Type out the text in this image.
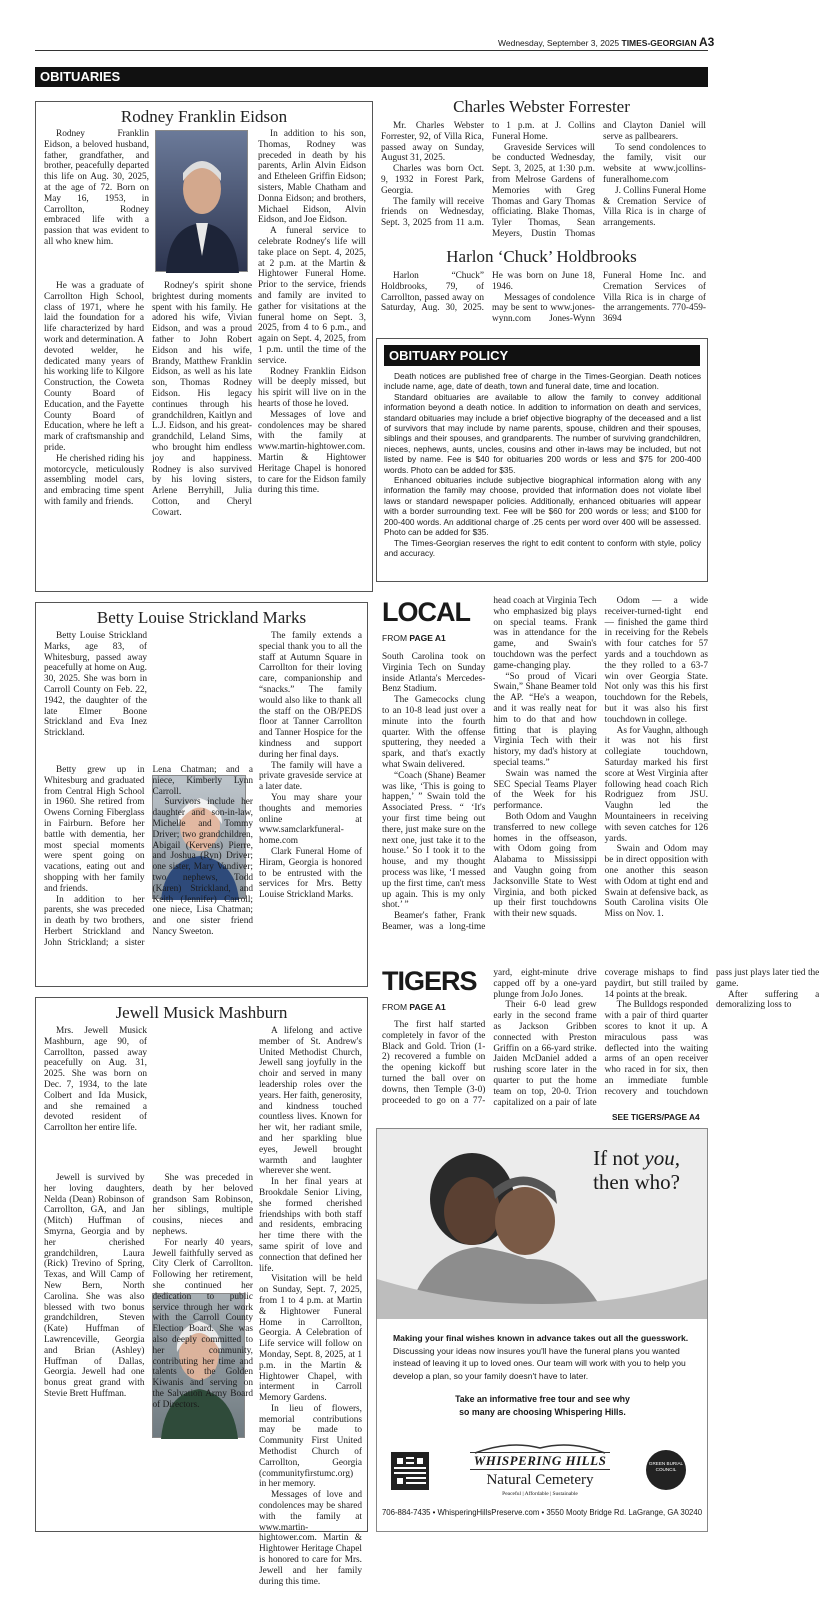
Wednesday, September 3, 2025 TIMES-GEORGIAN A3
OBITUARIES
Rodney Franklin Eidson

Rodney Franklin Eidson, a beloved husband, father, grandfather, and brother, peacefully departed this life on Aug. 30, 2025, at the age of 72. Born on May 16, 1953, in Carrollton, Rodney embraced life with a passion that was evident to all who knew him.

He was a graduate of Carrollton High School, class of 1971, where he laid the foundation for a life characterized by hard work and determination. A devoted welder, he dedicated many years of his working life to Kilgore Construction, the Coweta County Board of Education, and the Fayette County Board of Education, where he left a mark of craftsmanship and pride.

He cherished riding his motorcycle, meticulously assembling model cars, and embracing time spent with family and friends.

Rodney's spirit shone brightest during moments spent with his family. He adored his wife, Vivian Eidson, and was a proud father to John Robert Eidson and his wife, Brandy, Matthew Franklin Eidson, as well as his late son, Thomas Rodney Eidson. His legacy continues through his grandchildren, Kaitlyn and L.J. Eidson, and his great-grandchild, Leland Sims, who brought him endless joy and happiness. Rodney is also survived by his loving sisters, Arlene Berryhill, Julia Cotton, and Cheryl Cowart.

In addition to his son, Thomas, Rodney was preceded in death by his parents, Arlin Alvin Eidson and Etheleen Griffin Eidson; sisters, Mable Chatham and Donna Eidson; and brothers, Michael Eidson, Alvin Eidson, and Joe Eidson.

A funeral service to celebrate Rodney's life will take place on Sept. 4, 2025, at 2 p.m. at the Martin & Hightower Funeral Home. Prior to the service, friends and family are invited to gather for visitations at the funeral home on Sept. 3, 2025, from 4 to 6 p.m., and again on Sept. 4, 2025, from 1 p.m. until the time of the service.

Rodney Franklin Eidson will be deeply missed, but his spirit will live on in the hearts of those he loved.

Messages of love and condolences may be shared with the family at www.martin-hightower.com. Martin & Hightower Heritage Chapel is honored to care for the Eidson family during this time.

Charles Webster Forrester

Mr. Charles Webster Forrester, 92, of Villa Rica, passed away on Sunday, August 31, 2025.

Charles was born Oct. 9, 1932 in Forest Park, Georgia.

The family will receive friends on Wednesday, Sept. 3, 2025 from 11 a.m. to 1 p.m. at J. Collins Funeral Home.

Graveside Services will be conducted Wednesday, Sept. 3, 2025, at 1:30 p.m. from Melrose Gardens of Memories with Greg Thomas and Gary Thomas officiating. Blake Thomas, Tyler Thomas, Sean Meyers, Dustin Thomas and Clayton Daniel will serve as pallbearers.

To send condolences to the family, visit our website at www.jcollins-funeralhome.com

J. Collins Funeral Home & Cremation Service of Villa Rica is in charge of arrangements.

Harlon ‘Chuck’ Holdbrooks

Harlon “Chuck” Holdbrooks, 79, of Carrollton, passed away on Saturday, Aug. 30, 2025. He was born on June 18, 1946.

Messages of condolence may be sent to www.jones-wynn.com Jones-Wynn Funeral Home Inc. and Cremation Services of Villa Rica is in charge of the arrangements. 770-459-3694

OBITUARY POLICY

Death notices are published free of charge in the Times-Georgian. Death notices include name, age, date of death, town and funeral date, time and location.

Standard obituaries are available to allow the family to convey additional information beyond a death notice. In addition to information on death and services, standard obituaries may include a brief objective biography of the deceased and a list of survivors that may include by name parents, spouse, children and their spouses, siblings and their spouses, and grandparents. The number of surviving grandchildren, nieces, nephews, aunts, uncles, cousins and other in-laws may be included, but not listed by name. Fee is $40 for obituaries 200 words or less and $75 for 200-400 words. Photo can be added for $35.

Enhanced obituaries include subjective biographical information along with any information the family may choose, provided that information does not violate libel laws or standard newspaper policies. Additionally, enhanced obituaries will appear with a border surrounding text. Fee will be $60 for 200 words or less; and $100 for 200-400 words. An additional charge of .25 cents per word over 400 will be assessed. Photo can be added for $35.

The Times-Georgian reserves the right to edit content to conform with style, policy and accuracy.

Betty Louise Strickland Marks

Betty Louise Strickland Marks, age 83, of Whitesburg, passed away peacefully at home on Aug. 30, 2025. She was born in Carroll County on Feb. 22, 1942, the daughter of the late Elmer Boone Strickland and Eva Inez Strickland.

Betty grew up in Whitesburg and graduated from Central High School in 1960. She retired from Owens Corning Fiberglass in Fairburn. Before her battle with dementia, her most special moments were spent going on vacations, eating out and shopping with her family and friends.

In addition to her parents, she was preceded in death by two brothers, Herbert Strickland and John Strickland; a sister Lena Chatman; and a niece, Kimberly Lynn Carroll.

Survivors include her daughter and son-in-law, Michelle and Tommy Driver; two grandchildren, Abigail (Kervens) Pierre, and Joshua (Ryn) Driver; one sister, Mary Vandiver; two nephews, Todd (Karen) Strickland, and Keith (Jennifer) Carroll; one niece, Lisa Chatman; and one sister friend Nancy Sweeton.

The family extends a special thank you to all the staff at Autumn Square in Carrollton for their loving care, companionship and “snacks.” The family would also like to thank all the staff on the OB/PEDS floor at Tanner Carrollton and Tanner Hospice for the kindness and support during her final days.

The family will have a private graveside service at a later date.

You may share your thoughts and memories online at www.samclarkfuneral-home.com

Clark Funeral Home of Hiram, Georgia is honored to be entrusted with the services for Mrs. Betty Louise Strickland Marks.

Jewell Musick Mashburn

Mrs. Jewell Musick Mashburn, age 90, of Carrollton, passed away peacefully on Aug. 31, 2025. She was born on Dec. 7, 1934, to the late Colbert and Ida Musick, and she remained a devoted resident of Carrollton her entire life.

Jewell is survived by her loving daughters, Nelda (Dean) Robinson of Carrollton, GA, and Jan (Mitch) Huffman of Smyrna, Georgia and by her cherished grandchildren, Laura (Rick) Trevino of Spring, Texas, and Will Camp of New Bern, North Carolina. She was also blessed with two bonus grandchildren, Steven (Kate) Huffman of Lawrenceville, Georgia and Brian (Ashley) Huffman of Dallas, Georgia. Jewell had one bonus great grand with Stevie Brett Huffman.

She was preceded in death by her beloved grandson Sam Robinson, her siblings, multiple cousins, nieces and nephews.

For nearly 40 years, Jewell faithfully served as City Clerk of Carrollton. Following her retirement, she continued her dedication to public service through her work with the Carroll County Election Board. She was also deeply committed to her community, contributing her time and talents to the Golden Kiwanis and serving on the Salvation Army Board of Directors.

A lifelong and active member of St. Andrew's United Methodist Church, Jewell sang joyfully in the choir and served in many leadership roles over the years. Her faith, generosity, and kindness touched countless lives. Known for her wit, her radiant smile, and her sparkling blue eyes, Jewell brought warmth and laughter wherever she went.

In her final years at Brookdale Senior Living, she formed cherished friendships with both staff and residents, embracing her time there with the same spirit of love and connection that defined her life.

Visitation will be held on Sunday, Sept. 7, 2025, from 1 to 4 p.m. at Martin & Hightower Funeral Home in Carrollton, Georgia. A Celebration of Life service will follow on Monday, Sept. 8, 2025, at 1 p.m. in the Martin & Hightower Chapel, with interment in Carroll Memory Gardens.

In lieu of flowers, memorial contributions may be made to Community First United Methodist Church of Carrollton, Georgia (communityfirstumc.org) in her memory.

Messages of love and condolences may be shared with the family at www.martin-hightower.com. Martin & Hightower Heritage Chapel is honored to care for Mrs. Jewell and her family during this time.

LOCAL
FROM PAGE A1

South Carolina took on Virginia Tech on Sunday inside Atlanta's Mercedes-Benz Stadium.

The Gamecocks clung to an 10-8 lead just over a minute into the fourth quarter. With the offense sputtering, they needed a spark, and that's exactly what Swain delivered.

“Coach (Shane) Beamer was like, ‘This is going to happen,’ ” Swain told the Associated Press. “ ‘It's your first time being out there, just make sure on the next one, just take it to the house.’ So I took it to the house, and my thought process was like, ‘I messed up the first time, can't mess up again. This is my only shot.’ ”

Beamer's father, Frank Beamer, was a long-time head coach at Virginia Tech who emphasized big plays on special teams. Frank was in attendance for the game, and Swain's touchdown was the perfect game-changing play.

“So proud of Vicari Swain,” Shane Beamer told the AP. “He's a weapon, and it was really neat for him to do that and how fitting that is playing Virginia Tech with their history, my dad's history at special teams.”

Swain was named the SEC Special Teams Player of the Week for his performance.

Both Odom and Vaughn transferred to new college homes in the offseason, with Odom going from Alabama to Mississippi and Vaughn going from Jacksonville State to West Virginia, and both picked up their first touchdowns with their new squads.

Odom — a wide receiver-turned-tight end — finished the game third in receiving for the Rebels with four catches for 57 yards and a touchdown as the they rolled to a 63-7 win over Georgia State. Not only was this his first touchdown for the Rebels, but it was also his first touchdown in college.

As for Vaughn, although it was not his first collegiate touchdown, Saturday marked his first score at West Virginia after following head coach Rich Rodriguez from JSU. Vaughn led the Mountaineers in receiving with seven catches for 126 yards.

Swain and Odom may be in direct opposition with one another this season with Odom at tight end and Swain at defensive back, as South Carolina visits Ole Miss on Nov. 1.

TIGERS
FROM PAGE A1

The first half started completely in favor of the Black and Gold. Trion (1-2) recovered a fumble on the opening kickoff but turned the ball over on downs, then Temple (3-0) proceeded to go on a 77-yard, eight-minute drive capped off by a one-yard plunge from JoJo Jones.

Their 6-0 lead grew early in the second frame as Jackson Gribben connected with Preston Griffin on a 66-yard strike. Jaiden McDaniel added a rushing score later in the quarter to put the home team on top, 20-0. Trion capitalized on a pair of late coverage mishaps to find paydirt, but still trailed by 14 points at the break.

The Bulldogs responded with a pair of third quarter scores to knot it up. A miraculous pass was deflected into the waiting arms of an open receiver who raced in for six, then an immediate fumble recovery and touchdown pass just plays later tied the game.

After suffering a demoralizing loss to

SEE TIGERS/PAGE A4
If not you,
then who?
Making your final wishes known in advance takes out all the guesswork. Discussing your ideas now insures you'll have the funeral plans you wanted instead of leaving it up to loved ones. Our team will work with you to help you develop a plan, so your family doesn't have to later.
Take an informative free tour and see why
so many are choosing Whispering Hills.
WHISPERING HILLS
Natural Cemetery
Peaceful | Affordable | Sustainable
GREEN BURIAL COUNCIL
706-884-7435 • WhisperingHillsPreserve.com • 3550 Mooty Bridge Rd. LaGrange, GA 30240
